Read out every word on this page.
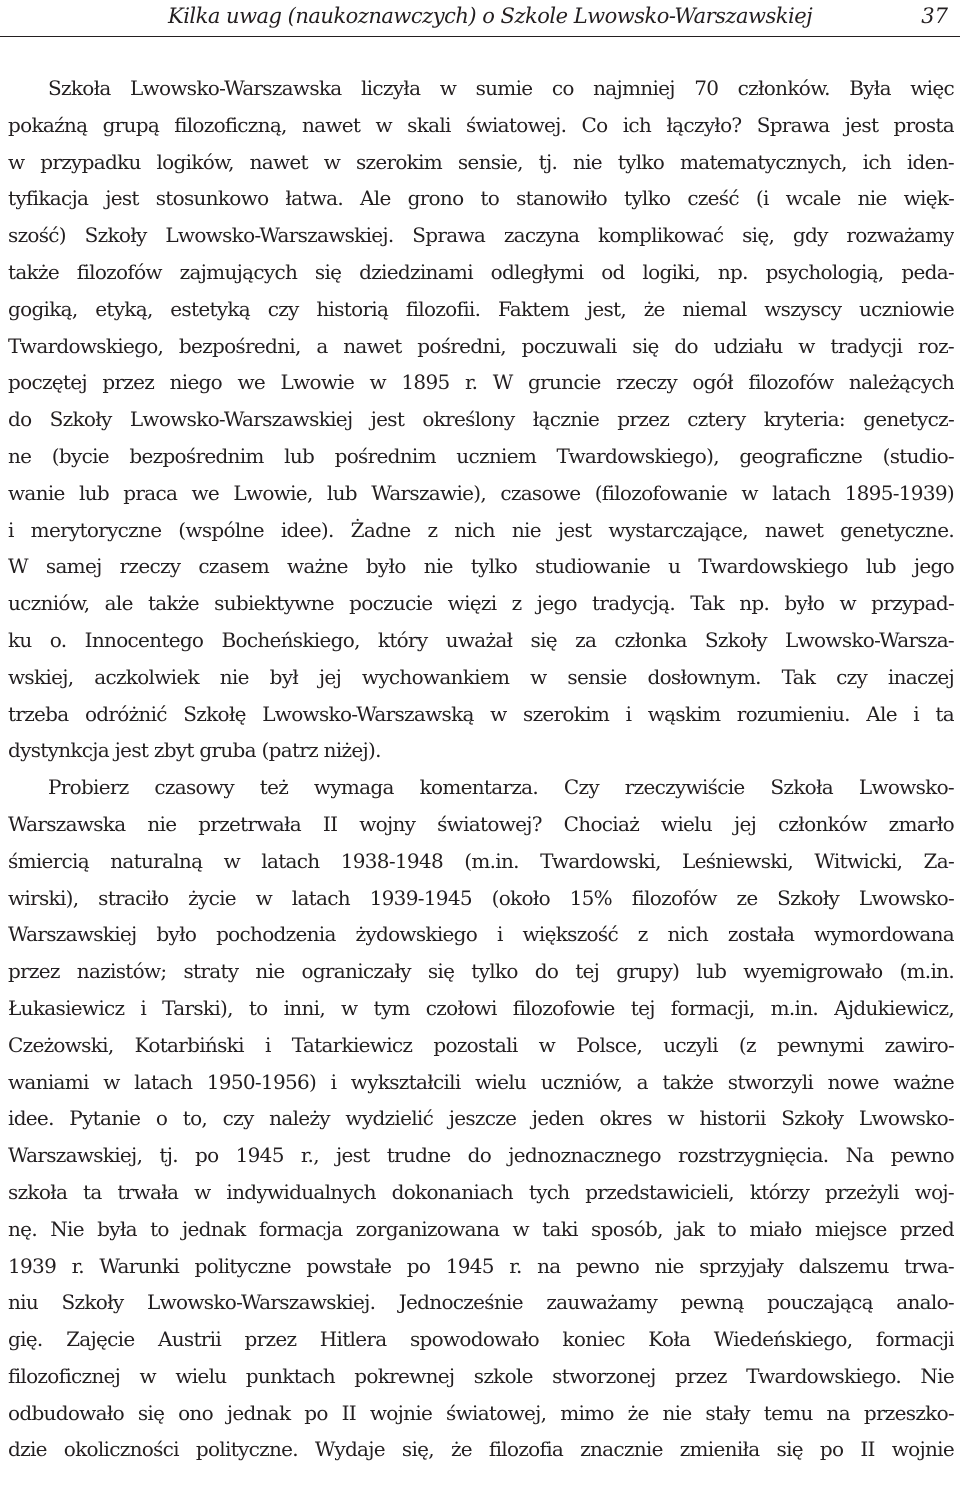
Kilka uwag (naukoznawczych) o Szkole Lwowsko-Warszawskiej	37
Szkoła Lwowsko-Warszawska liczyła w sumie co najmniej 70 członków. Była więc
pokaźną grupą filozoficzną, nawet w skali światowej. Co ich łączyło? Sprawa jest prosta
w przypadku logików, nawet w szerokim sensie, tj. nie tylko matematycznych, ich iden-
tyfikacja jest stosunkowo łatwa. Ale grono to stanowiło tylko cześć (i wcale nie więk-
szość) Szkoły Lwowsko-Warszawskiej. Sprawa zaczyna komplikować się, gdy rozważamy
także filozofów zajmujących się dziedzinami odległymi od logiki, np. psychologią, peda-
gogiką, etyką, estetyką czy historią filozofii. Faktem jest, że niemal wszyscy uczniowie
Twardowskiego, bezpośredni, a nawet pośredni, poczuwali się do udziału w tradycji roz-
poczętej przez niego we Lwowie w 1895 r. W gruncie rzeczy ogół filozofów należących
do Szkoły Lwowsko-Warszawskiej jest określony łącznie przez cztery kryteria: genetycz-
ne (bycie bezpośrednim lub pośrednim uczniem Twardowskiego), geograficzne (studio-
wanie lub praca we Lwowie, lub Warszawie), czasowe (filozofowanie w latach 1895-1939)
i merytoryczne (wspólne idee). Żadne z nich nie jest wystarczające, nawet genetyczne.
W samej rzeczy czasem ważne było nie tylko studiowanie u Twardowskiego lub jego
uczniów, ale także subiektywne poczucie więzi z jego tradycją. Tak np. było w przypad-
ku o. Innocentego Bocheńskiego, który uważał się za członka Szkoły Lwowsko-Warsza-
wskiej, aczkolwiek nie był jej wychowankiem w sensie dosłownym. Tak czy inaczej
trzeba odróżnić Szkołę Lwowsko-Warszawską w szerokim i wąskim rozumieniu. Ale i ta
dystynkcja jest zbyt gruba (patrz niżej).
Probierz czasowy też wymaga komentarza. Czy rzeczywiście Szkoła Lwowsko-
Warszawska nie przetrwała II wojny światowej? Chociaż wielu jej członków zmarło
śmiercią naturalną w latach 1938-1948 (m.in. Twardowski, Leśniewski, Witwicki, Za-
wirski), straciło życie w latach 1939-1945 (około 15% filozofów ze Szkoły Lwowsko-
Warszawskiej było pochodzenia żydowskiego i większość z nich została wymordowana
przez nazistów; straty nie ograniczały się tylko do tej grupy) lub wyemigrowało (m.in.
Łukasiewicz i Tarski), to inni, w tym czołowi filozofowie tej formacji, m.in. Ajdukiewicz,
Czeżowski, Kotarbiński i Tatarkiewicz pozostali w Polsce, uczyli (z pewnymi zawiro-
waniami w latach 1950-1956) i wykształcili wielu uczniów, a także stworzyli nowe ważne
idee. Pytanie o to, czy należy wydzielić jeszcze jeden okres w historii Szkoły Lwowsko-
Warszawskiej, tj. po 1945 r., jest trudne do jednoznacznego rozstrzygnięcia. Na pewno
szkoła ta trwała w indywidualnych dokonaniach tych przedstawicieli, którzy przeżyli woj-
nę. Nie była to jednak formacja zorganizowana w taki sposób, jak to miało miejsce przed
1939 r. Warunki polityczne powstałe po 1945 r. na pewno nie sprzyjały dalszemu trwa-
niu Szkoły Lwowsko-Warszawskiej. Jednocześnie zauważamy pewną pouczającą analo-
gię. Zajęcie Austrii przez Hitlera spowodowało koniec Koła Wiedeńskiego, formacji
filozoficznej w wielu punktach pokrewnej szkole stworzonej przez Twardowskiego. Nie
odbudowało się ono jednak po II wojnie światowej, mimo że nie stały temu na przeszko-
dzie okoliczności polityczne. Wydaje się, że filozofia znacznie zmieniła się po II wojnie
